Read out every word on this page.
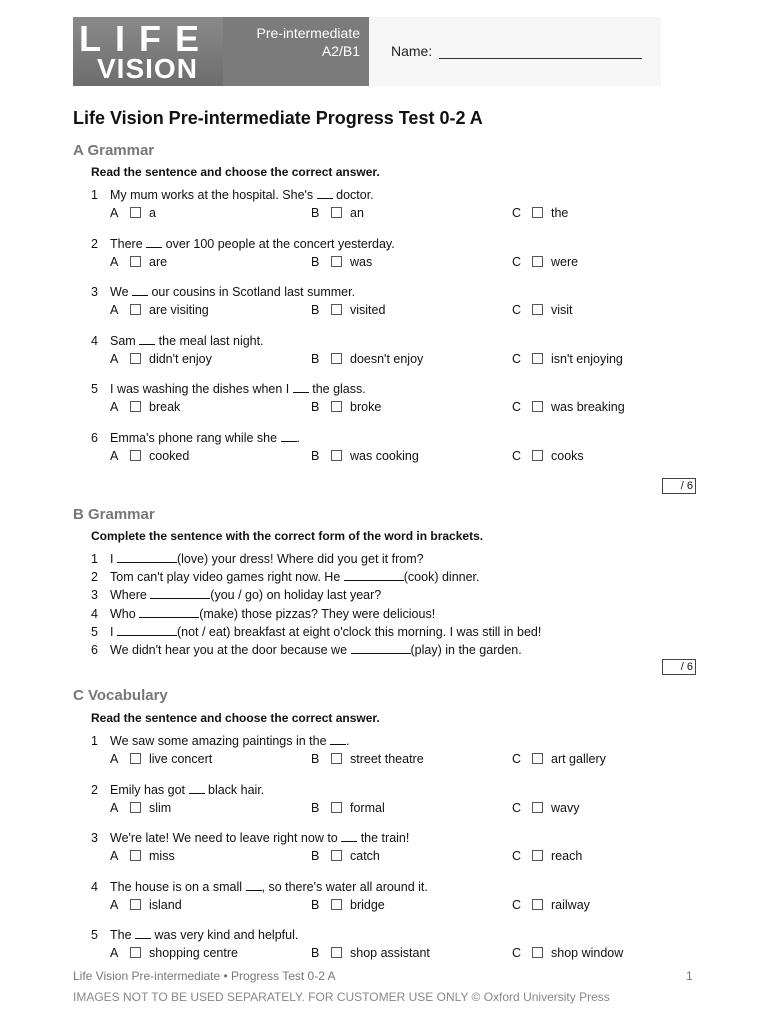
LIFE
VISION
Pre-intermediate
A2/B1 Name:
Life Vision Pre-intermediate Progress Test 0-2 A
A Grammar
Read the sentence and choose the correct answer.
1 My mum works at the hospital. She's  doctor.
A a	B an	C the
2 There  over 100 people at the concert yesterday.
A are	B was	C were
3 We  our cousins in Scotland last summer.
A are visiting	B visited	C visit
4 Sam  the meal last night.
A didn't enjoy	B doesn't enjoy	C isn't enjoying
5 I was washing the dishes when I  the glass.
A break	B broke	C was breaking
6 Emma's phone rang while she .
A cooked	B was cooking	C cooks
/ 6
B Grammar
Complete the sentence with the correct form of the word in brackets.
1 I	(love) your dress! Where did you get it from?
2 Tom can't play video games right now. He	(cook) dinner.
3 Where	(you / go) on holiday last year?
4 Who	(make) those pizzas? They were delicious!
5 I	(not / eat) breakfast at eight o'clock this morning. I was still in bed!
6 We didn't hear you at the door because we	(play) in the garden.
/ 6
C Vocabulary
Read the sentence and choose the correct answer.
1 We saw some amazing paintings in the .
A live concert	B street theatre	C art gallery
2 Emily has got  black hair.
A slim	B formal	C wavy
3 We're late! We need to leave right now to  the train!
A miss	B catch	C reach
4 The house is on a small , so there's water all around it.
A island	B bridge	C railway
5 The  was very kind and helpful.
A shopping centre	B shop assistant	C shop window
Life Vision Pre-intermediate • Progress Test 0-2 A	1
IMAGES NOT TO BE USED SEPARATELY. FOR CUSTOMER USE ONLY © Oxford University Press
